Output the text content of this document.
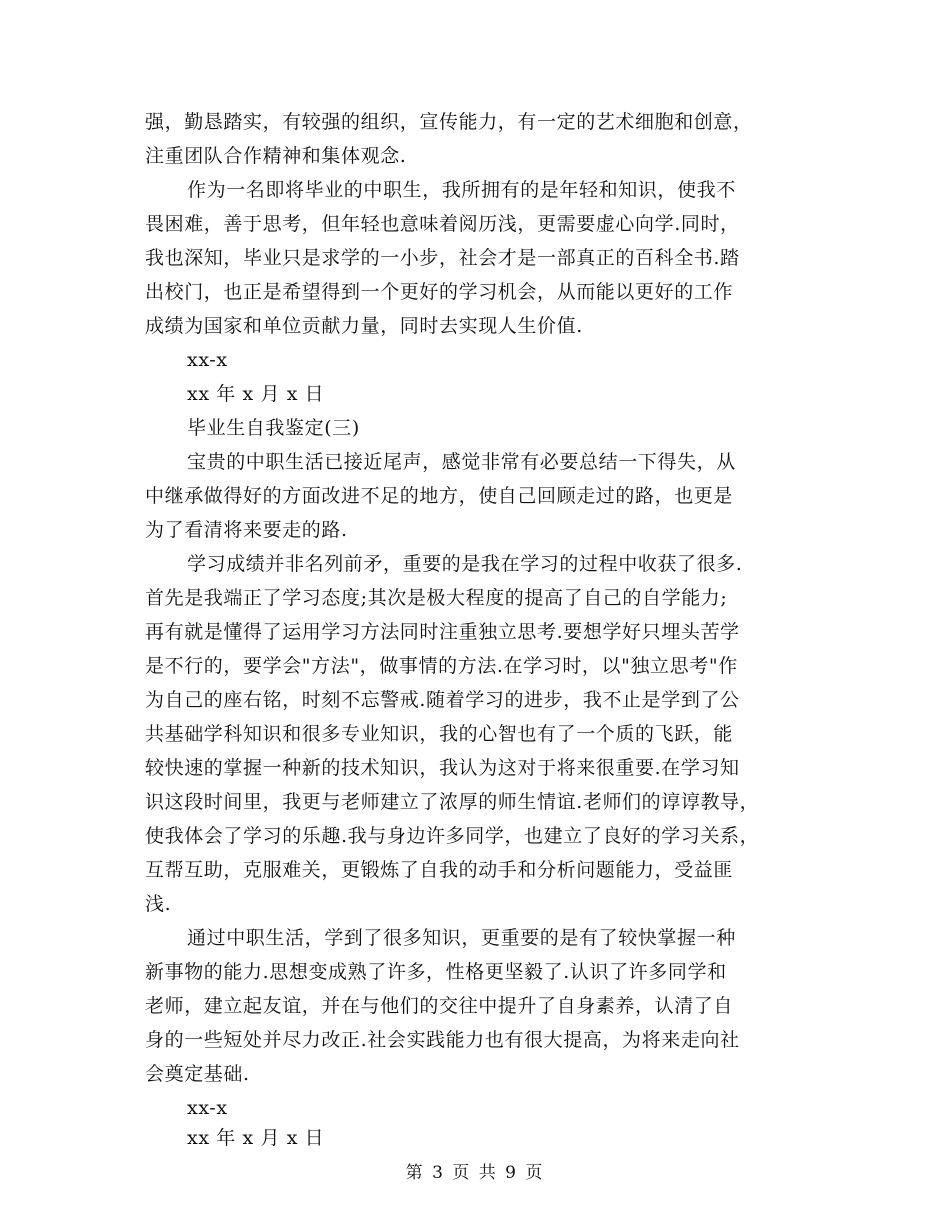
强，勤恳踏实，有较强的组织，宣传能力，有一定的艺术细胞和创意，
注重团队合作精神和集体观念.
作为一名即将毕业的中职生，我所拥有的是年轻和知识，使我不
畏困难，善于思考，但年轻也意味着阅历浅，更需要虚心向学.同时，
我也深知，毕业只是求学的一小步，社会才是一部真正的百科全书.踏
出校门，也正是希望得到一个更好的学习机会，从而能以更好的工作
成绩为国家和单位贡献力量，同时去实现人生价值.
xx-x
xx 年 x 月 x 日
毕业生自我鉴定(三)
宝贵的中职生活已接近尾声，感觉非常有必要总结一下得失，从
中继承做得好的方面改进不足的地方，使自己回顾走过的路，也更是
为了看清将来要走的路.
学习成绩并非名列前矛，重要的是我在学习的过程中收获了很多.
首先是我端正了学习态度;其次是极大程度的提高了自己的自学能力;
再有就是懂得了运用学习方法同时注重独立思考.要想学好只埋头苦学
是不行的，要学会"方法"，做事情的方法.在学习时，以"独立思考"作
为自己的座右铭，时刻不忘警戒.随着学习的进步，我不止是学到了公
共基础学科知识和很多专业知识，我的心智也有了一个质的飞跃，能
较快速的掌握一种新的技术知识，我认为这对于将来很重要.在学习知
识这段时间里，我更与老师建立了浓厚的师生情谊.老师们的谆谆教导，
使我体会了学习的乐趣.我与身边许多同学，也建立了良好的学习关系，
互帮互助，克服难关，更锻炼了自我的动手和分析问题能力，受益匪
浅.
通过中职生活，学到了很多知识，更重要的是有了较快掌握一种
新事物的能力.思想变成熟了许多，性格更坚毅了.认识了许多同学和
老师，建立起友谊，并在与他们的交往中提升了自身素养，认清了自
身的一些短处并尽力改正.社会实践能力也有很大提高，为将来走向社
会奠定基础.
xx-x
xx 年 x 月 x 日
第 3 页 共 9 页
